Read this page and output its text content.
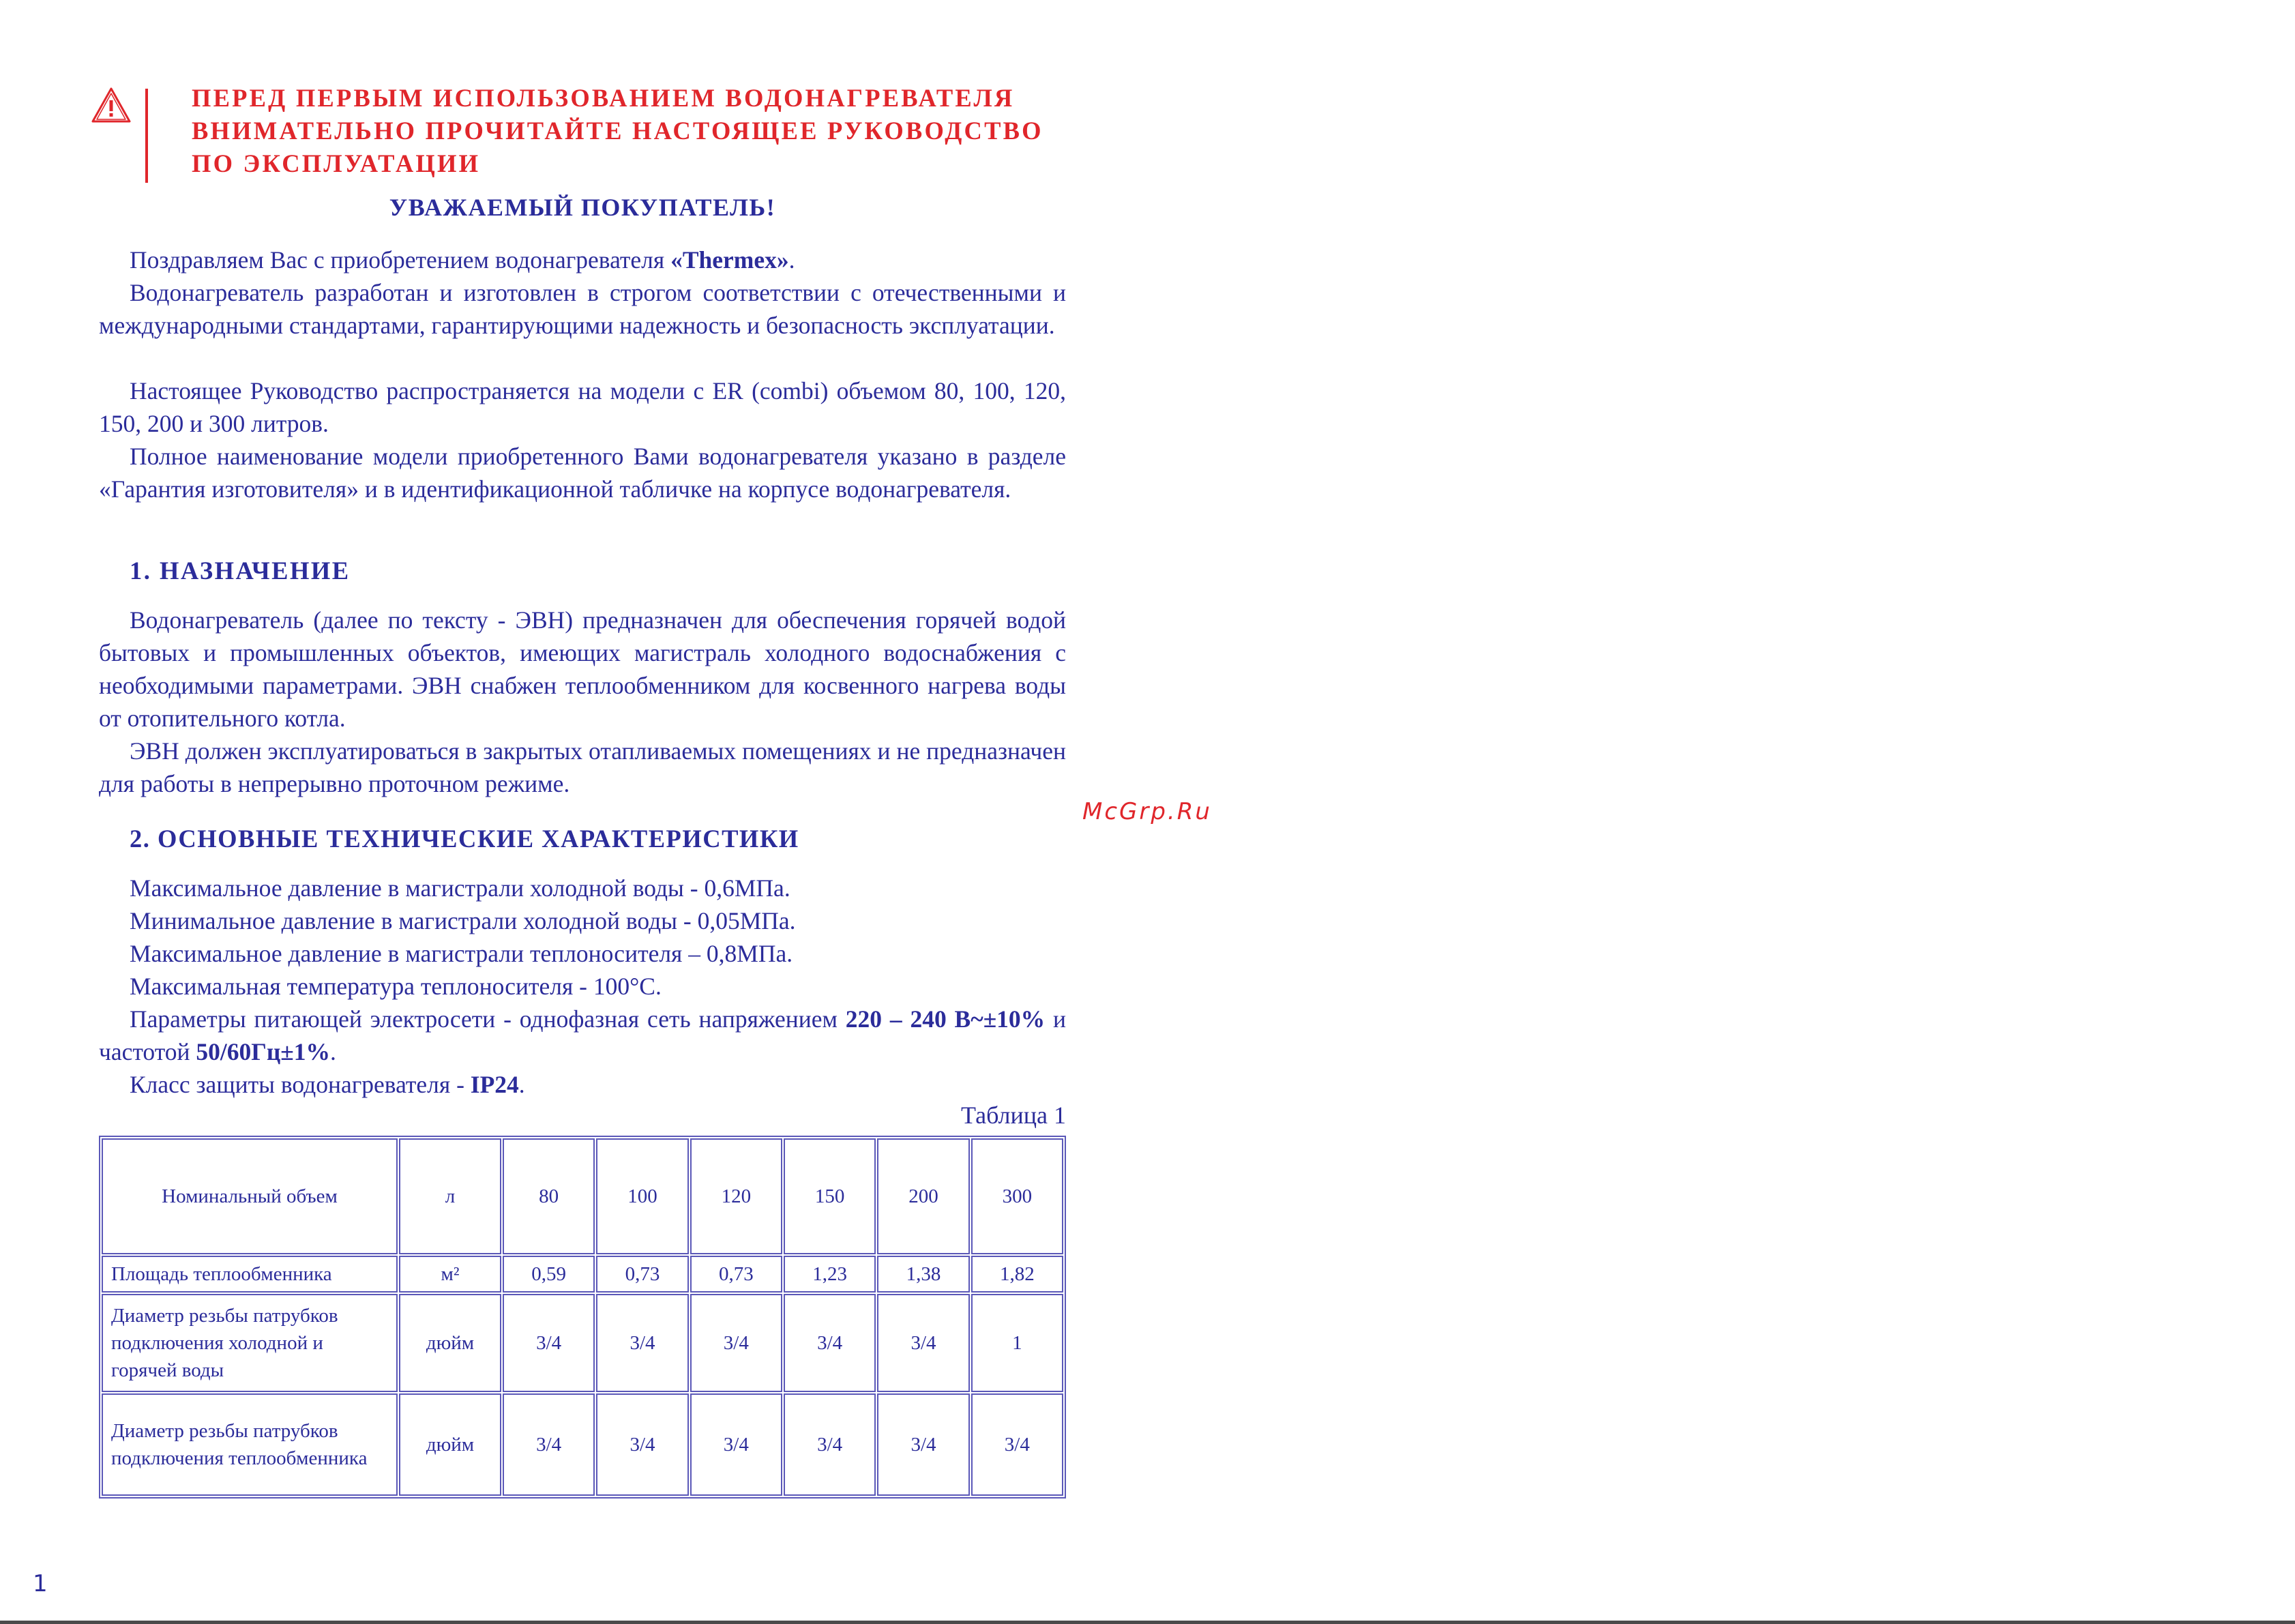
ПЕРЕД ПЕРВЫМ ИСПОЛЬЗОВАНИЕМ ВОДОНАГРЕВАТЕЛЯ
ВНИМАТЕЛЬНО ПРОЧИТАЙТЕ НАСТОЯЩЕЕ РУКОВОДСТВО
ПО ЭКСПЛУАТАЦИИ
УВАЖАЕМЫЙ ПОКУПАТЕЛЬ!
Поздравляем Вас с приобретением водонагревателя «Thermex».
Водонагреватель разработан и изготовлен в строгом соответствии с отечественными и международными стандартами, гарантирующими надежность и безопасность эксплуатации.
Настоящее Руководство распространяется на модели с ER (combi) объемом 80, 100, 120, 150, 200 и 300 литров.
Полное наименование модели приобретенного Вами водонагревателя указано в разделе «Гарантия изготовителя» и в идентификационной табличке на корпусе водонагревателя.
1. НАЗНАЧЕНИЕ
Водонагреватель (далее по тексту - ЭВН) предназначен для обеспечения горячей водой бытовых и промышленных объектов, имеющих магистраль холодного водоснабжения с необходимыми параметрами. ЭВН снабжен теплообменником для косвенного нагрева воды от отопительного котла.
ЭВН должен эксплуатироваться в закрытых отапливаемых помещениях и не предназначен для работы в непрерывно проточном режиме.
McGrp.Ru
2. ОСНОВНЫЕ ТЕХНИЧЕСКИЕ ХАРАКТЕРИСТИКИ
Максимальное давление в магистрали холодной воды - 0,6МПа.
Минимальное давление в магистрали холодной воды - 0,05МПа.
Максимальное давление в магистрали теплоносителя – 0,8МПа.
Максимальная температура теплоносителя - 100°С.
Параметры питающей электросети - однофазная сеть напряжением 220 – 240 В~±10% и частотой 50/60Гц±1%.
Класс защиты водонагревателя - IP24.
Таблица 1
Номинальный объем	л	80	100	120	150	200	300
Площадь теплообменника	м²	0,59	0,73	0,73	1,23	1,38	1,82
Диаметр резьбы патрубков подключения холодной и горячей воды	дюйм	3/4	3/4	3/4	3/4	3/4	1
Диаметр резьбы патрубков подключения теплообменника	дюйм	3/4	3/4	3/4	3/4	3/4	3/4
1
